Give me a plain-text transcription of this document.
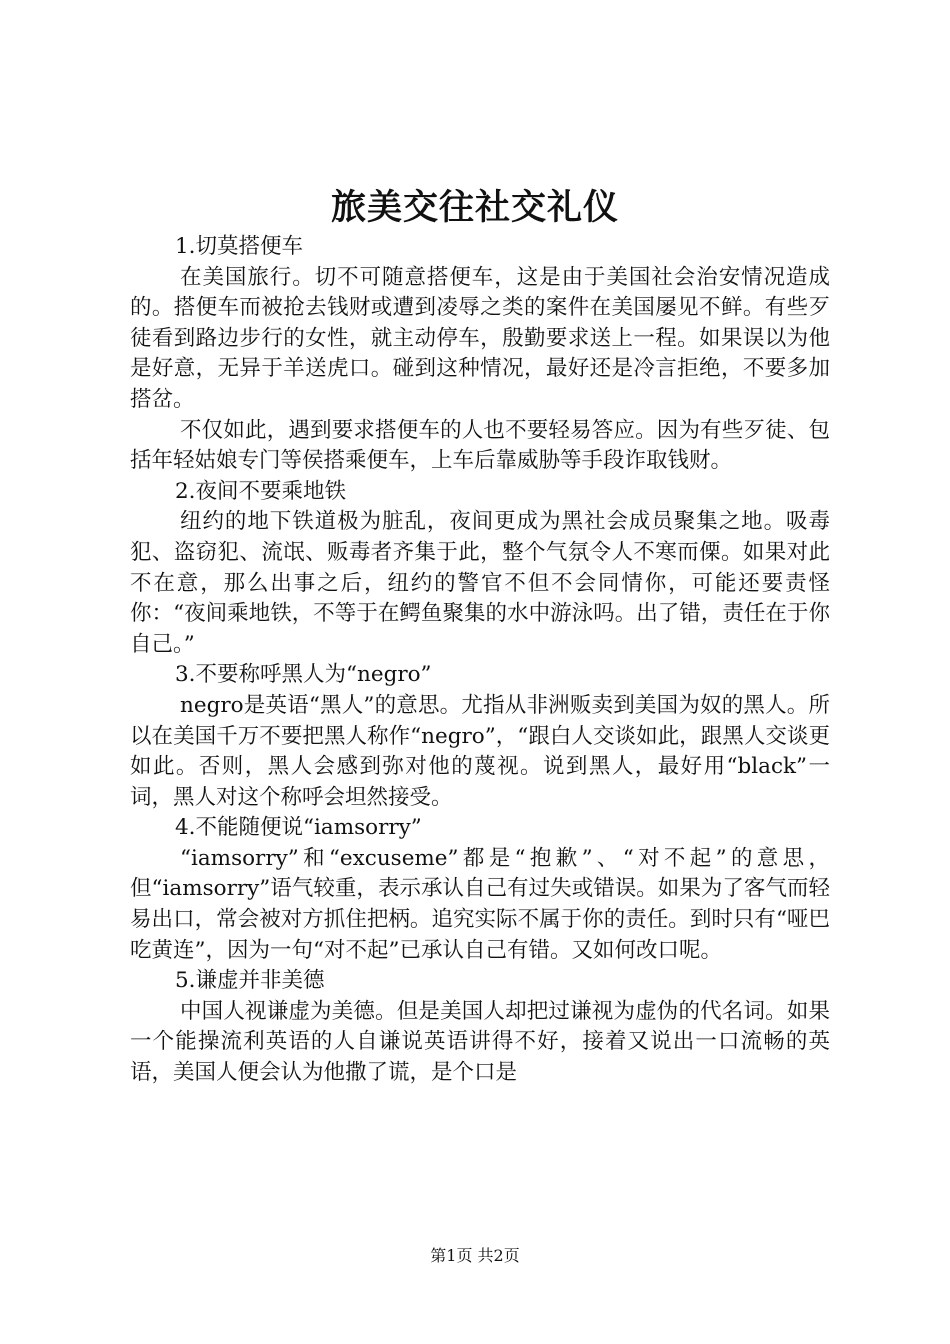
旅美交往社交礼仪

1.切莫搭便车

在美国旅行。切不可随意搭便车，这是由于美国社会治安情况造成的。搭便车而被抢去钱财或遭到凌辱之类的案件在美国屡见不鲜。有些歹徒看到路边步行的女性，就主动停车，殷勤要求送上一程。如果误以为他是好意，无异于羊送虎口。碰到这种情况，最好还是冷言拒绝，不要多加搭岔。

不仅如此，遇到要求搭便车的人也不要轻易答应。因为有些歹徒、包括年轻姑娘专门等侯搭乘便车，上车后靠威胁等手段诈取钱财。

2.夜间不要乘地铁

纽约的地下铁道极为脏乱，夜间更成为黑社会成员聚集之地。吸毒犯、盗窃犯、流氓、贩毒者齐集于此，整个气氛令人不寒而傈。如果对此不在意，那么出事之后，纽约的警官不但不会同情你，可能还要责怪你：“夜间乘地铁，不等于在鳄鱼聚集的水中游泳吗。出了错，责任在于你自己。”

3.不要称呼黑人为“negro”

negro是英语“黑人”的意思。尤指从非洲贩卖到美国为奴的黑人。所以在美国千万不要把黑人称作“negro”，“跟白人交谈如此，跟黑人交谈更如此。否则，黑人会感到弥对他的蔑视。说到黑人，最好用“black”一词，黑人对这个称呼会坦然接受。

4.不能随便说“iamsorry”

“iamsorry”和“excuseme”都是“抱歉”、“对不起”的意思，但“iamsorry”语气较重，表示承认自己有过失或错误。如果为了客气而轻易出口，常会被对方抓住把柄。追究实际不属于你的责任。到时只有“哑巴吃黄连”，因为一句“对不起”已承认自己有错。又如何改口呢。

5.谦虚并非美德

中国人视谦虚为美德。但是美国人却把过谦视为虚伪的代名词。如果一个能操流利英语的人自谦说英语讲得不好，接着又说出一口流畅的英语，美国人便会认为他撒了谎，是个口是

第1页 共2页
